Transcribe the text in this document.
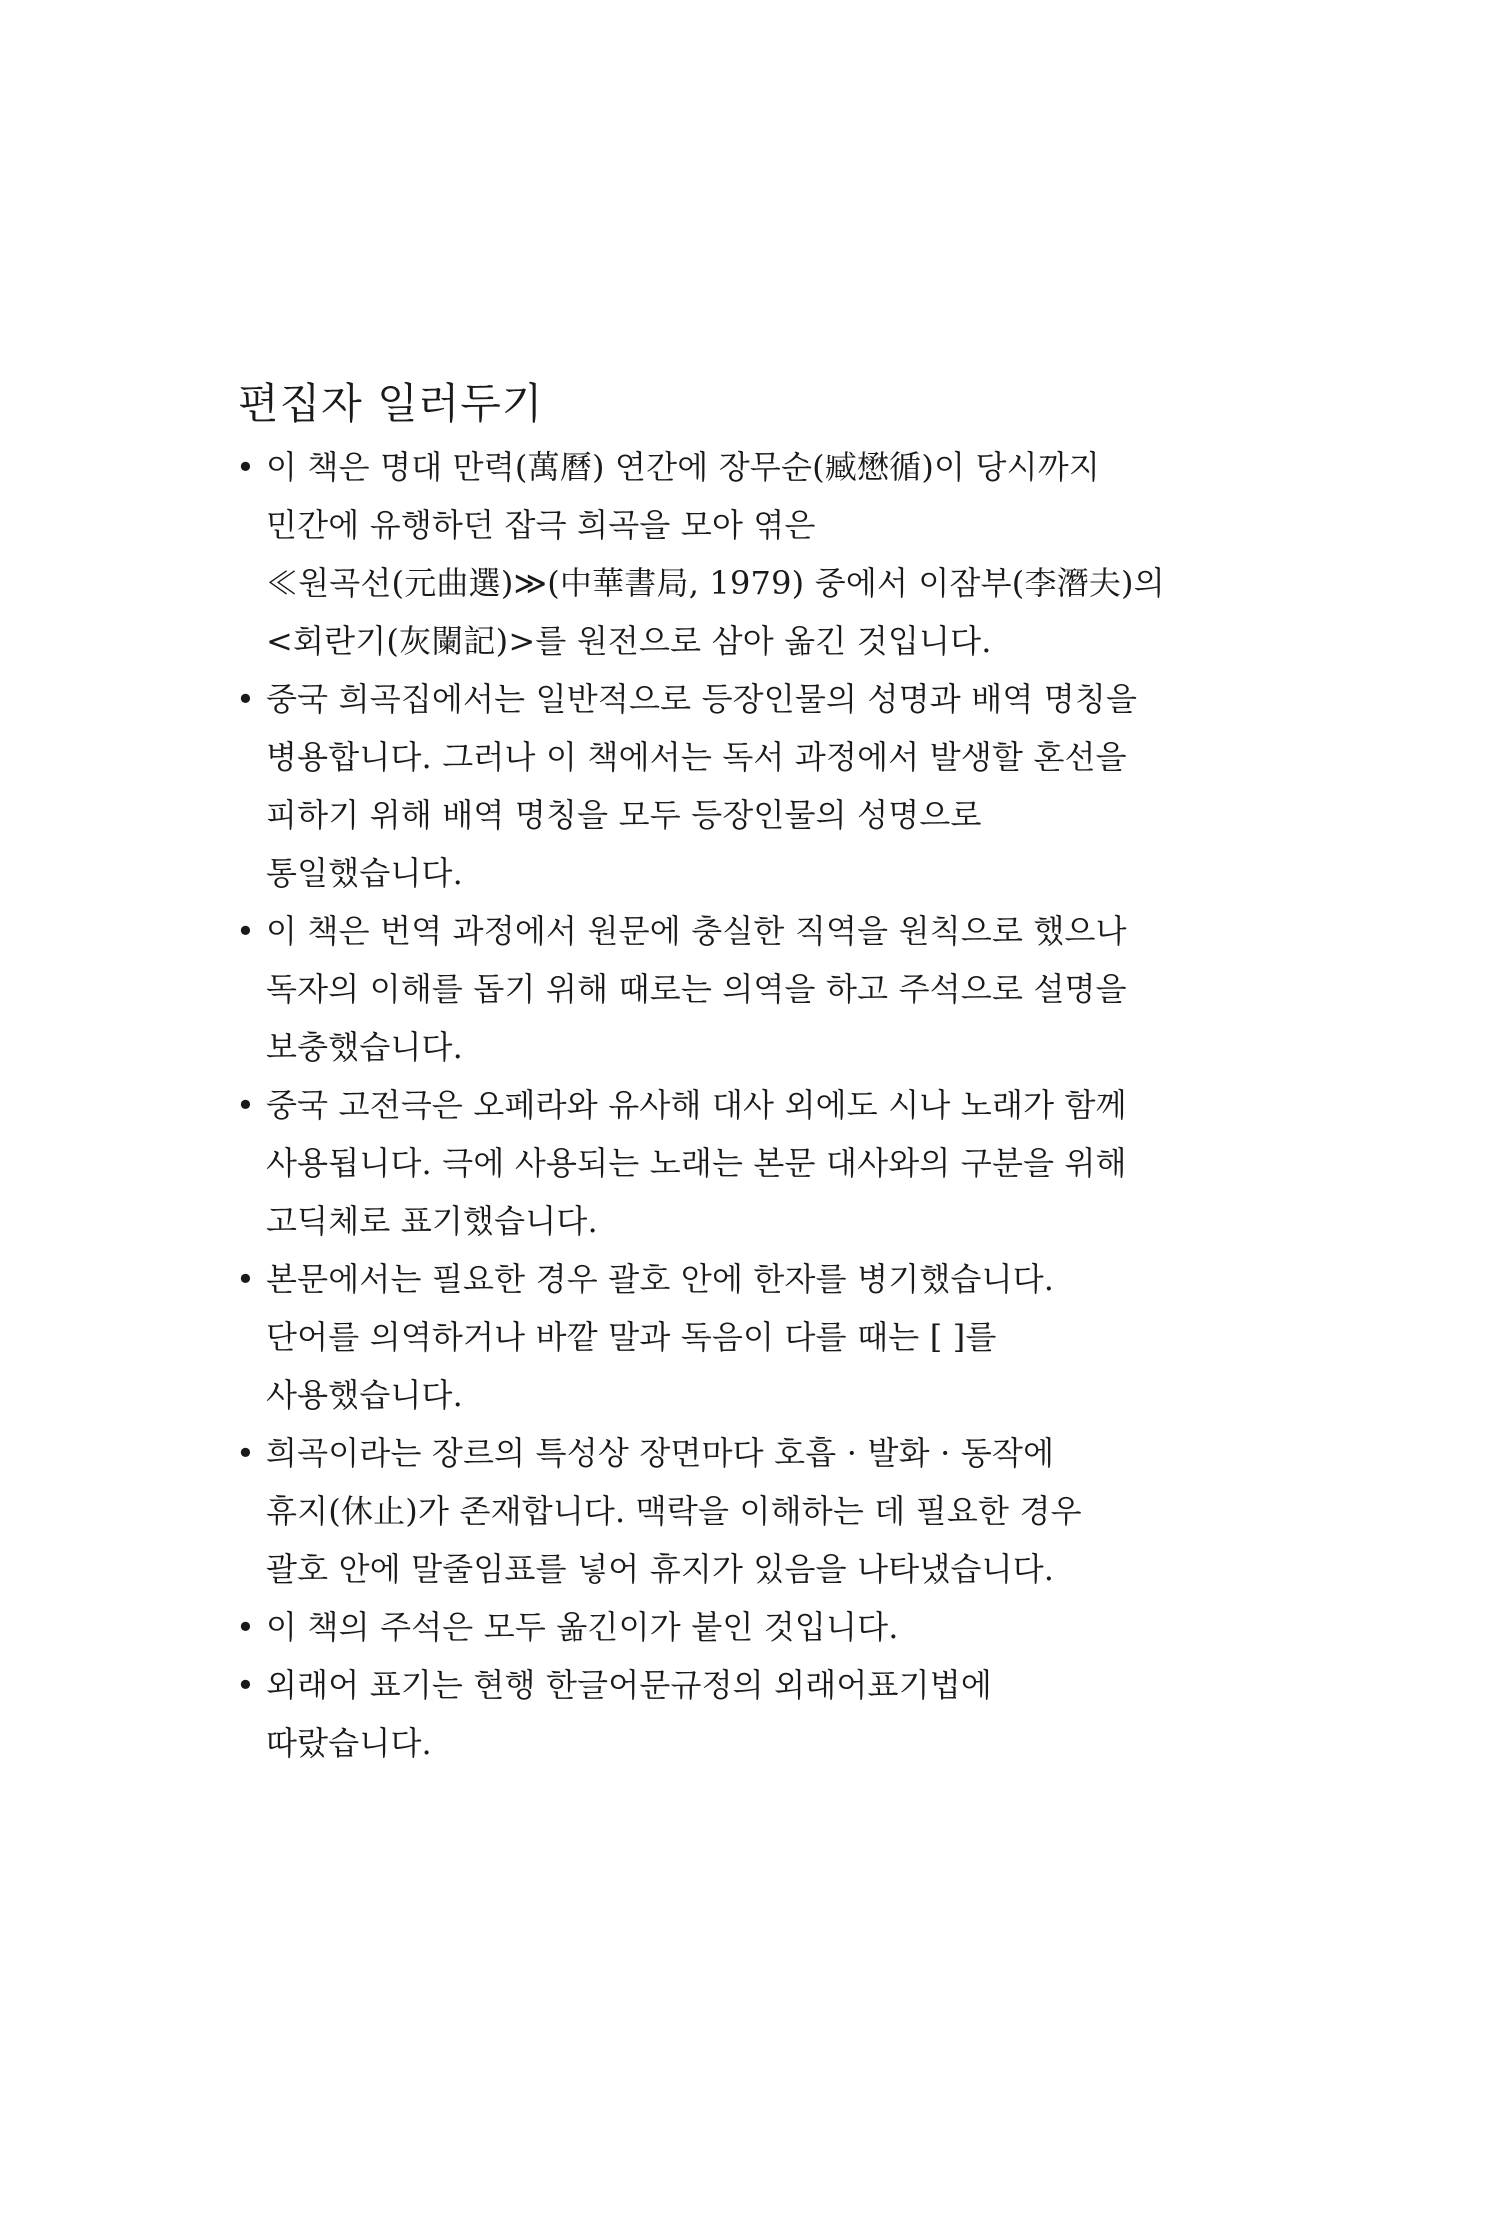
편집자 일러두기
• 이 책은 명대 만력(萬曆) 연간에 장무순(臧懋循)이 당시까지
민간에 유행하던 잡극 희곡을 모아 엮은
≪원곡선(元曲選)≫(中華書局, 1979) 중에서 이잠부(李潛夫)의
<회란기(灰闌記)>를 원전으로 삼아 옮긴 것입니다.
• 중국 희곡집에서는 일반적으로 등장인물의 성명과 배역 명칭을
병용합니다. 그러나 이 책에서는 독서 과정에서 발생할 혼선을
피하기 위해 배역 명칭을 모두 등장인물의 성명으로
통일했습니다.
• 이 책은 번역 과정에서 원문에 충실한 직역을 원칙으로 했으나
독자의 이해를 돕기 위해 때로는 의역을 하고 주석으로 설명을
보충했습니다.
• 중국 고전극은 오페라와 유사해 대사 외에도 시나 노래가 함께
사용됩니다. 극에 사용되는 노래는 본문 대사와의 구분을 위해
고딕체로 표기했습니다.
• 본문에서는 필요한 경우 괄호 안에 한자를 병기했습니다.
단어를 의역하거나 바깥 말과 독음이 다를 때는 [ ]를
사용했습니다.
• 희곡이라는 장르의 특성상 장면마다 호흡 · 발화 · 동작에
휴지(休止)가 존재합니다. 맥락을 이해하는 데 필요한 경우
괄호 안에 말줄임표를 넣어 휴지가 있음을 나타냈습니다.
• 이 책의 주석은 모두 옮긴이가 붙인 것입니다.
• 외래어 표기는 현행 한글어문규정의 외래어표기법에
따랐습니다.
